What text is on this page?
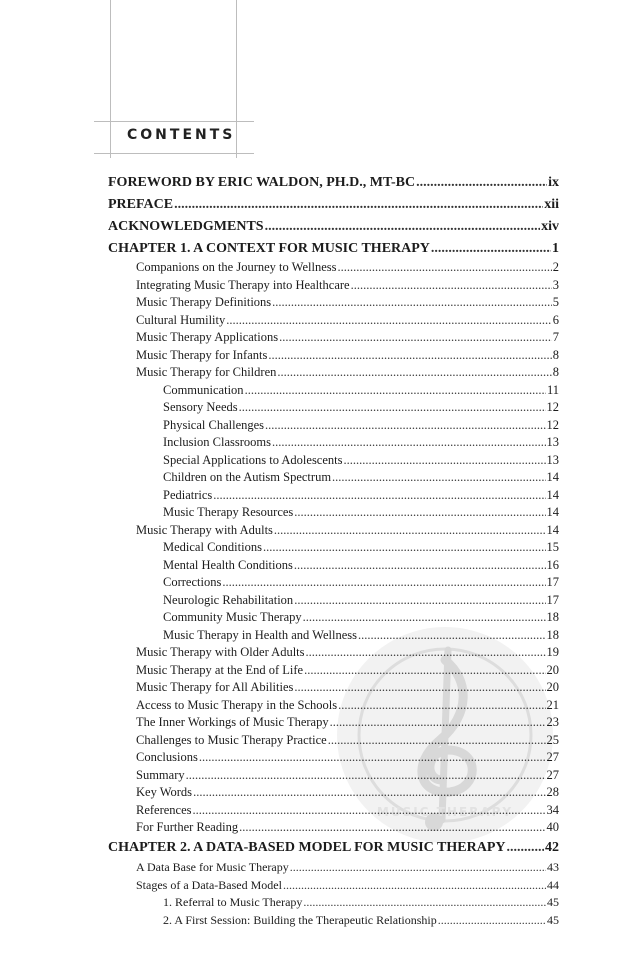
CONTENTS
MUSIC THERAPY
FOREWORD BY ERIC WALDON, PH.D., MT-BC .....	ix
PREFACE .....	xii
ACKNOWLEDGMENTS .....	xiv
CHAPTER 1. A CONTEXT FOR MUSIC THERAPY .....	1
Companions on the Journey to Wellness .....	2
Integrating Music Therapy into Healthcare .....	3
Music Therapy Definitions .....	5
Cultural Humility .....	6
Music Therapy Applications .....	7
Music Therapy for Infants .....	8
Music Therapy for Children .....	8
Communication .....	11
Sensory Needs .....	12
Physical Challenges .....	12
Inclusion Classrooms .....	13
Special Applications to Adolescents .....	13
Children on the Autism Spectrum .....	14
Pediatrics .....	14
Music Therapy Resources .....	14
Music Therapy with Adults .....	14
Medical Conditions .....	15
Mental Health Conditions .....	16
Corrections .....	17
Neurologic Rehabilitation .....	17
Community Music Therapy .....	18
Music Therapy in Health and Wellness .....	18
Music Therapy with Older Adults .....	19
Music Therapy at the End of Life .....	20
Music Therapy for All Abilities .....	20
Access to Music Therapy in the Schools .....	21
The Inner Workings of Music Therapy .....	23
Challenges to Music Therapy Practice .....	25
Conclusions .....	27
Summary .....	27
Key Words .....	28
References .....	34
For Further Reading .....	40
CHAPTER 2. A DATA-BASED MODEL FOR MUSIC THERAPY .....	42
A Data Base for Music Therapy .....	43
Stages of a Data-Based Model .....	44
1. Referral to Music Therapy .....	45
2. A First Session: Building the Therapeutic Relationship .....	45
